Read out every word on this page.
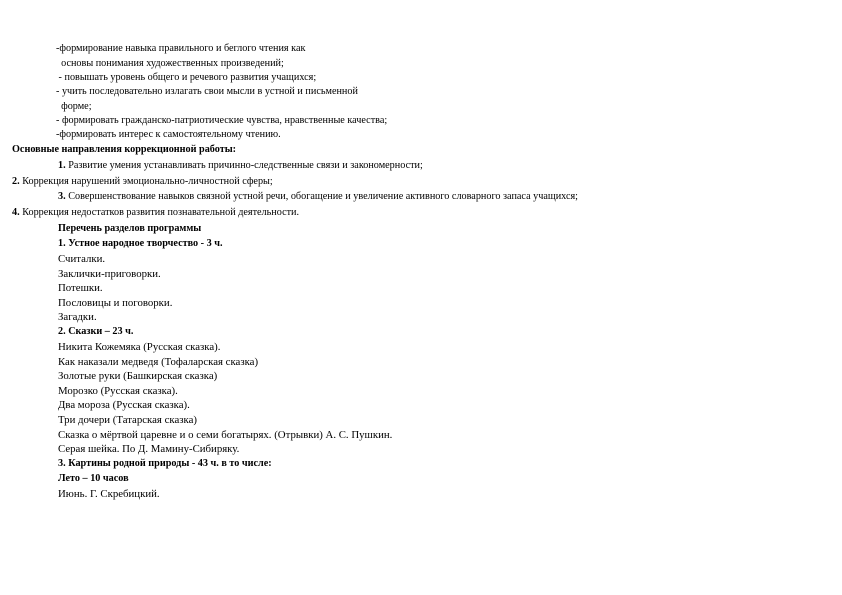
-формирование навыка правильного и беглого чтения как
основы понимания художественных произведений;
- повышать уровень общего и речевого развития учащихся;
- учить последовательно излагать свои мысли в устной и письменной
форме;
- формировать гражданско-патриотические чувства, нравственные качества;
-формировать интерес к самостоятельному чтению.
Основные направления коррекционной работы:
1. Развитие умения устанавливать причинно-следственные связи и закономерности;
2. Коррекция нарушений эмоционально-личностной сферы;
3. Совершенствование навыков связной устной речи, обогащение и увеличение активного словарного запаса учащихся;
4. Коррекция недостатков развития познавательной деятельности.
Перечень разделов программы
1. Устное народное творчество - 3 ч.
Считалки.
Заклички-приговорки.
Потешки.
Пословицы и поговорки.
Загадки.
2. Сказки – 23 ч.
Никита Кожемяка (Русская сказка).
Как наказали медведя (Тофаларская сказка)
Золотые руки (Башкирская сказка)
Морозко (Русская сказка).
Два мороза (Русская сказка).
Три дочери (Татарская сказка)
Сказка о мёртвой царевне и о семи богатырях. (Отрывки) А. С. Пушкин.
Серая шейка. По Д. Мамину-Сибиряку.
3. Картины родной природы - 43 ч. в то числе:
Лето – 10 часов
Июнь. Г. Скребицкий.
